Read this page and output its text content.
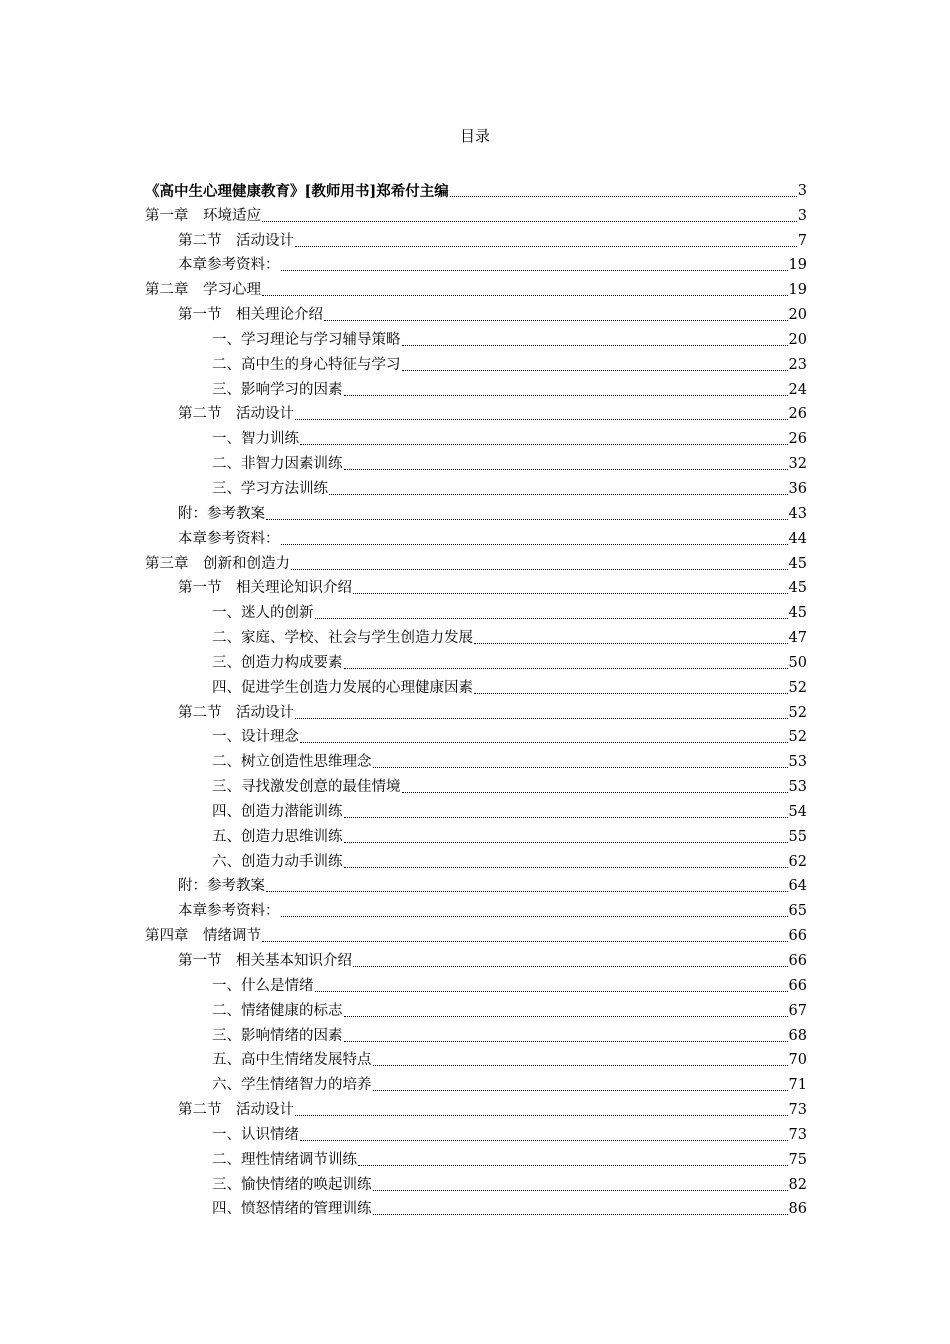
目录
《高中生心理健康教育》[教师用书]郑希付主编	3
第一章　环境适应	3
第二节　活动设计	7
本章参考资料：	19
第二章　学习心理	19
第一节　相关理论介绍	20
一、学习理论与学习辅导策略	20
二、高中生的身心特征与学习	23
三、影响学习的因素	24
第二节　活动设计	26
一、智力训练	26
二、非智力因素训练	32
三、学习方法训练	36
附：参考教案	43
本章参考资料：	44
第三章　创新和创造力	45
第一节　相关理论知识介绍	45
一、迷人的创新	45
二、家庭、学校、社会与学生创造力发展	47
三、创造力构成要素	50
四、促进学生创造力发展的心理健康因素	52
第二节　活动设计	52
一、设计理念	52
二、树立创造性思维理念	53
三、寻找激发创意的最佳情境	53
四、创造力潜能训练	54
五、创造力思维训练	55
六、创造力动手训练	62
附：参考教案	64
本章参考资料：	65
第四章　情绪调节	66
第一节　相关基本知识介绍	66
一、什么是情绪	66
二、情绪健康的标志	67
三、影响情绪的因素	68
五、高中生情绪发展特点	70
六、学生情绪智力的培养	71
第二节　活动设计	73
一、认识情绪	73
二、理性情绪调节训练	75
三、愉快情绪的唤起训练	82
四、愤怒情绪的管理训练	86
